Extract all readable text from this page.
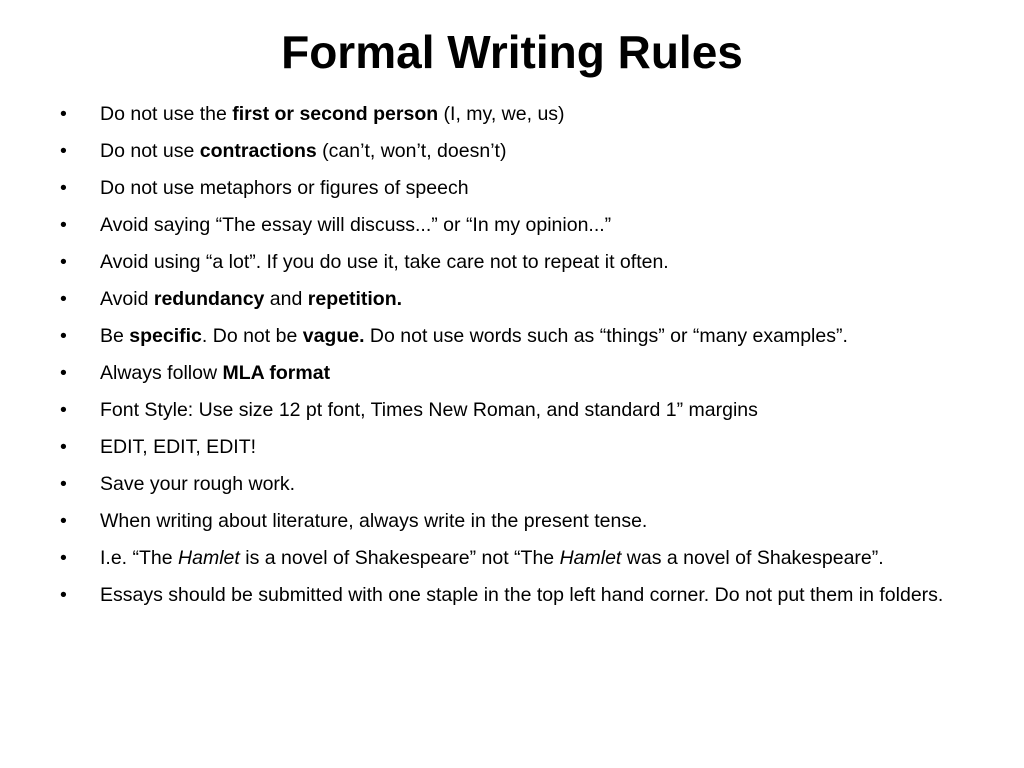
Formal Writing Rules
•	Do not use the first or second person (I, my, we, us)
•	Do not use contractions (can’t, won’t, doesn’t)
•	Do not use metaphors or figures of speech
•	Avoid saying “The essay will discuss...” or “In my opinion...”
•	Avoid using “a lot”. If you do use it, take care not to repeat it often.
•	Avoid redundancy and repetition.
•	Be specific. Do not be vague. Do not use words such as “things” or “many examples”.
•	Always follow MLA format
•	Font Style: Use size 12 pt font, Times New Roman, and standard 1” margins
•	EDIT, EDIT, EDIT!
•	Save your rough work.
•	When writing about literature, always write in the present tense.
•	I.e. “The Hamlet is a novel of Shakespeare” not “The Hamlet was a novel of Shakespeare”.
•	Essays should be submitted with one staple in the top left hand corner. Do not put them in folders.
